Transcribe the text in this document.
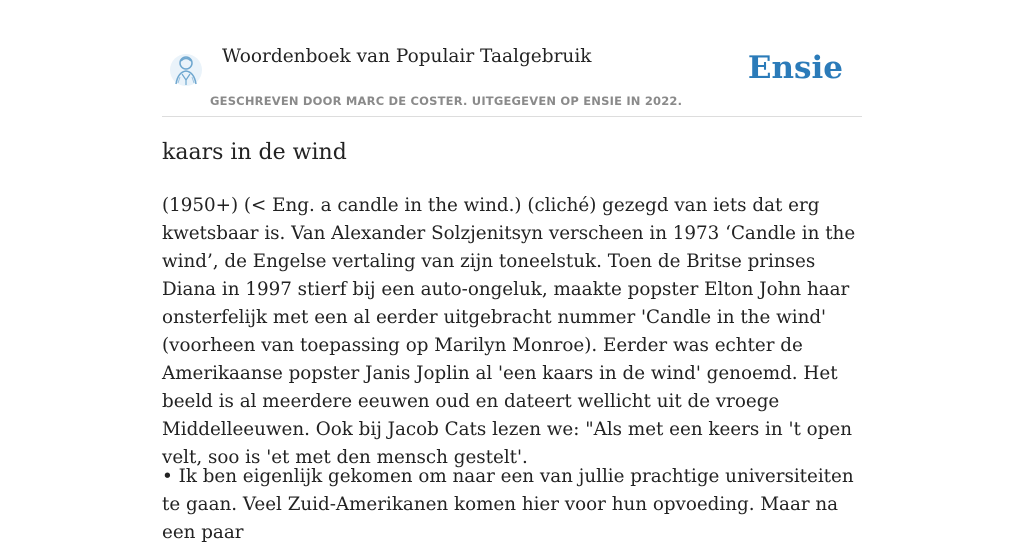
Woordenboek van Populair Taalgebruik
GESCHREVEN DOOR MARC DE COSTER. UITGEGEVEN OP ENSIE IN 2022.
Ensie
kaars in de wind

(1950+) (< Eng. a candle in the wind.) (cliché) gezegd van iets dat erg kwetsbaar is. Van Alexander Solzjenitsyn verscheen in 1973 ‘Candle in the wind’, de Engelse vertaling van zijn toneelstuk. Toen de Britse prinses Diana in 1997 stierf bij een auto-ongeluk, maakte popster Elton John haar onsterfelijk met een al eerder uitgebracht nummer 'Candle in the wind' (voorheen van toepassing op Marilyn Monroe). Eerder was echter de Amerikaanse popster Janis Joplin al 'een kaars in de wind' genoemd. Het beeld is al meerdere eeuwen oud en dateert wellicht uit de vroege Middelleeuwen. Ook bij Jacob Cats lezen we: "Als met een keers in 't open velt, soo is 'et met den mensch gestelt'.

• Ik ben eigenlijk gekomen om naar een van jullie prachtige universiteiten te gaan. Veel Zuid-Amerikanen komen hier voor hun opvoeding. Maar na een paar
